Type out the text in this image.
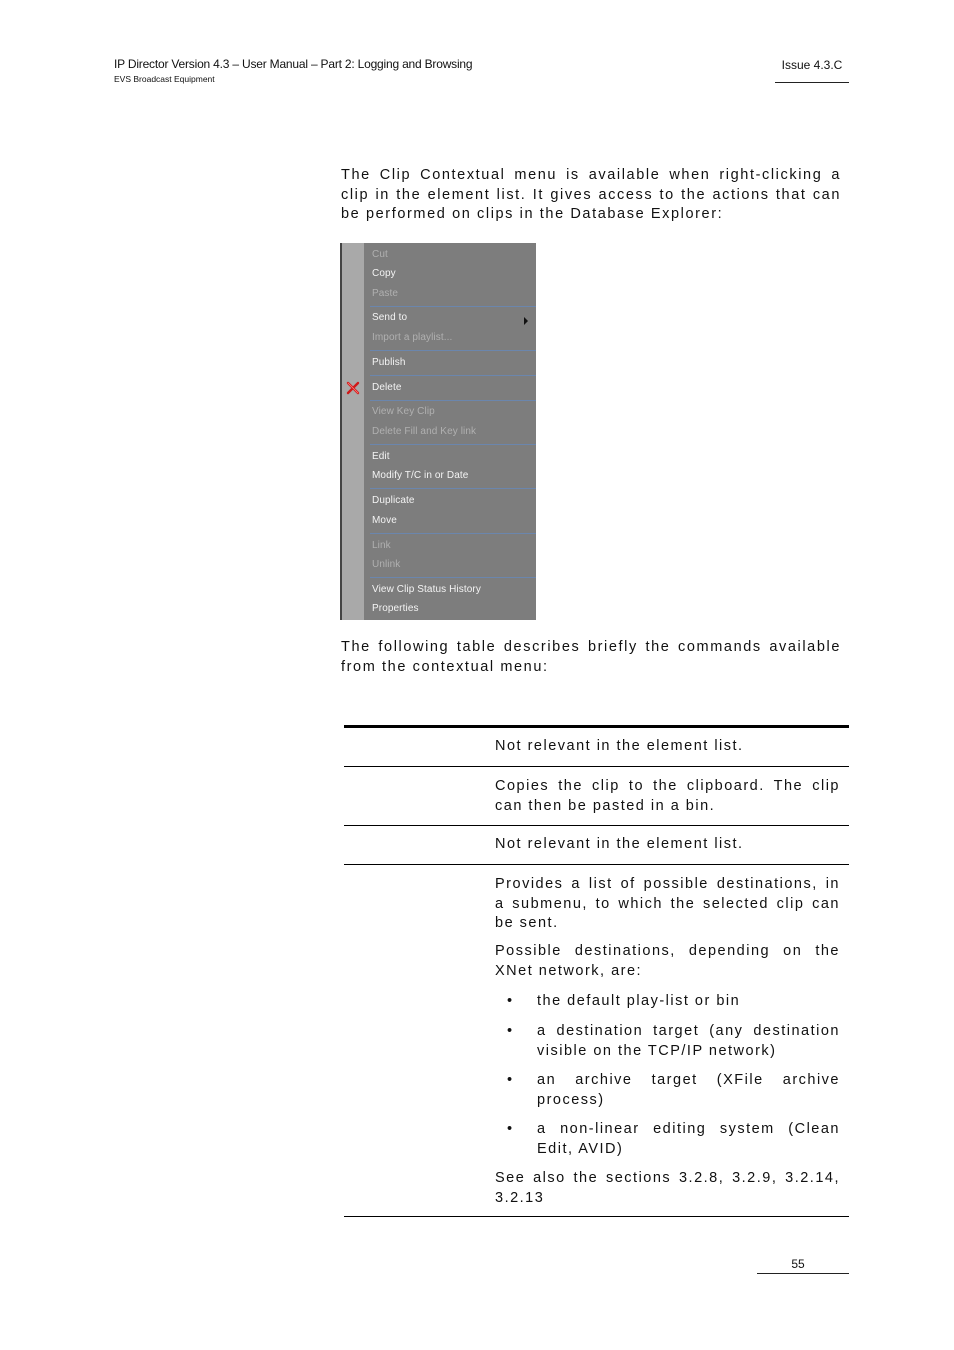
IP Director Version 4.3 – User Manual – Part 2: Logging and Browsing
EVS Broadcast Equipment
Issue 4.3.C
The Clip Contextual menu is available when right-clicking a clip in the element list. It gives access to the actions that can be performed on clips in the Database Explorer:
Cut
Copy
Paste
Send to
Import a playlist...
Publish
Delete
View Key Clip
Delete Fill and Key link
Edit
Modify T/C in or Date
Duplicate
Move
Link
Unlink
View Clip Status History
Properties
The following table describes briefly the commands available from the contextual menu:
Not relevant in the element list.
Copies the clip to the clipboard. The clip can then be pasted in a bin.
Not relevant in the element list.
Provides a list of possible destinations, in a submenu, to which the selected clip can be sent.
Possible destinations, depending on the XNet network, are:
• the default play-list or bin
• a destination target (any destination visible on the TCP/IP network)
• an archive target (XFile archive process)
• a non-linear editing system (Clean Edit, AVID)
See also the sections 3.2.8, 3.2.9, 3.2.14, 3.2.13
55
